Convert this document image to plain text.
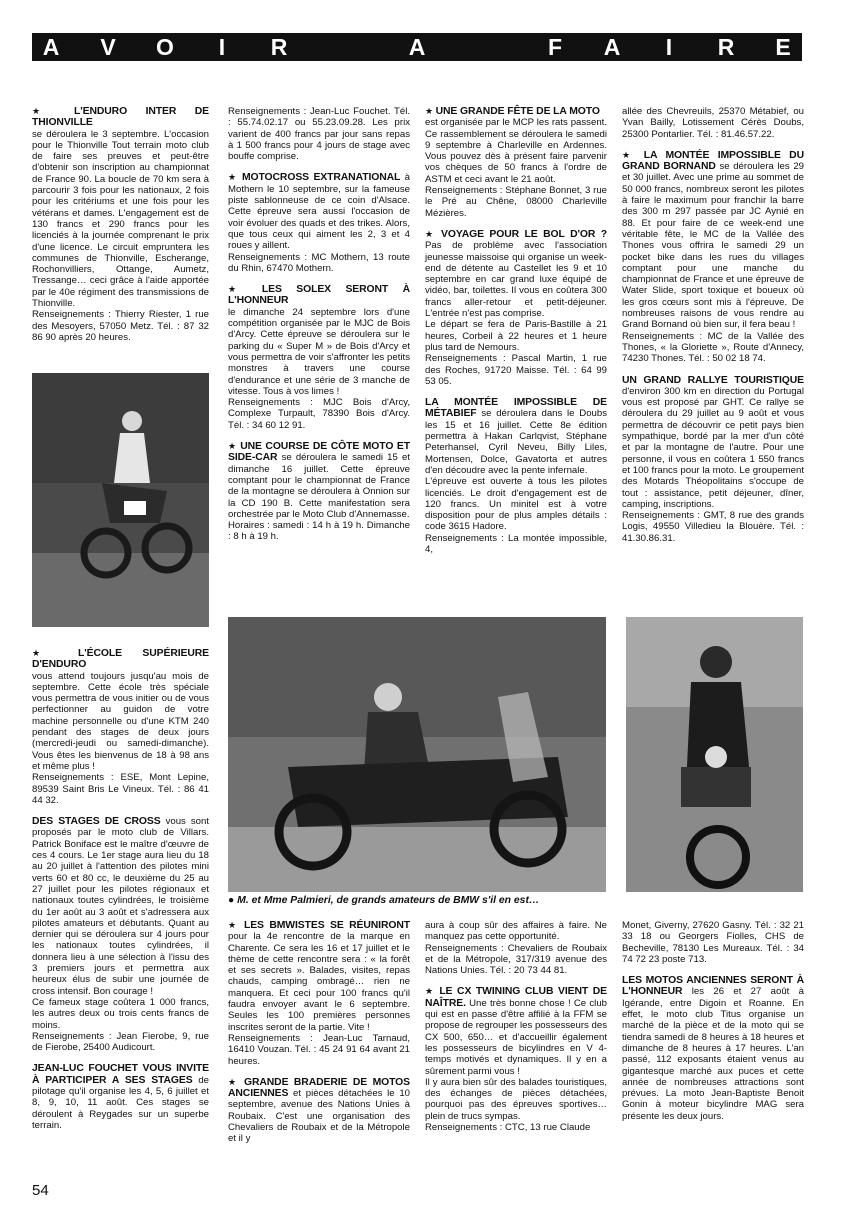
A V O	I	R	A	F A	I	R E

★ L'ENDURO INTER DE THIONVILLE
se déroulera le 3 septembre. L'occasion pour le Thionville Tout terrain moto club de faire ses preuves et peut-être d'obtenir son inscription au championnat de France 90. La boucle de 70 km sera à parcourir 3 fois pour les nationaux, 2 fois pour les critériums et une fois pour les vétérans et dames. L'engagement est de 130 francs et 290 francs pour les licenciés à la journée comprenant le prix d'une licence. Le circuit empruntera les communes de Thionville, Escherange, Rochonvilliers, Ottange, Aumetz, Tressange… ceci grâce à l'aide apportée par le 40e régiment des transmissions de Thionville.
Renseignements : Thierry Riester, 1 rue des Mesoyers, 57050 Metz. Tél. : 87 32 86 90 après 20 heures.

★ L'ÉCOLE SUPÉRIEURE D'ENDURO
vous attend toujours jusqu'au mois de septembre. Cette école très spéciale vous permettra de vous initier ou de vous perfectionner au guidon de votre machine personnelle ou d'une KTM 240 pendant des stages de deux jours (mercredi-jeudi ou samedi-dimanche). Vous êtes les bienvenus de 18 à 98 ans et même plus !
Renseignements : ESE, Mont Lepine, 89539 Saint Bris Le Vineux. Tél. : 86 41 44 32.

DES STAGES DE CROSS vous sont proposés par le moto club de Villars. Patrick Boniface est le maître d'œuvre de ces 4 cours. Le 1er stage aura lieu du 18 au 20 juillet à l'attention des pilotes mini verts 60 et 80 cc, le deuxième du 25 au 27 juillet pour les pilotes régionaux et nationaux toutes cylindrées, le troisième du 1er août au 3 août et s'adressera aux pilotes amateurs et débutants. Quant au dernier qui se déroulera sur 4 jours pour les nationaux toutes cylindrées, il donnera lieu à une sélection à l'issu des 3 premiers jours et permettra aux heureux élus de subir une journée de cross intensif. Bon courage !
Ce fameux stage coûtera 1 000 francs, les autres deux ou trois cents francs de moins.
Renseignements : Jean Fierobe, 9, rue de Fierobe, 25400 Audicourt.

JEAN-LUC FOUCHET VOUS INVITE À PARTICIPER A SES STAGES de pilotage qu'il organise les 4, 5, 6 juillet et 8, 9, 10, 11 août. Ces stages se déroulent à Reygades sur un superbe terrain.

Renseignements : Jean-Luc Fouchet. Tél. : 55.74.02.17 ou 55.23.09.28. Les prix varient de 400 francs par jour sans repas à 1 500 francs pour 4 jours de stage avec bouffe comprise.

★ MOTOCROSS EXTRANATIONAL à Mothern le 10 septembre, sur la fameuse piste sablonneuse de ce coin d'Alsace. Cette épreuve sera aussi l'occasion de voir évoluer des quads et des trikes. Alors, que tous ceux qui aiment les 2, 3 et 4 roues y aillent.
Renseignements : MC Mothern, 13 route du Rhin, 67470 Mothern.

★ LES SOLEX SERONT À L'HONNEUR
le dimanche 24 septembre lors d'une compétition organisée par le MJC de Bois d'Arcy. Cette épreuve se déroulera sur le parking du « Super M » de Bois d'Arcy et vous permettra de voir s'affronter les petits monstres à travers une course d'endurance et une série de 3 manche de vitesse. Tous à vos limes !
Renseignements : MJC Bois d'Arcy, Complexe Turpault, 78390 Bois d'Arcy. Tél. : 34 60 12 91.

★ UNE COURSE DE CÔTE MOTO ET SIDE-CAR se déroulera le samedi 15 et dimanche 16 juillet. Cette épreuve comptant pour le championnat de France de la montagne se déroulera à Onnion sur la CD 190 B. Cette manifestation sera orchestrée par le Moto Club d'Annemasse.
Horaires : samedi : 14 h à 19 h. Dimanche : 8 h à 19 h.

★ UNE GRANDE FÊTE DE LA MOTO
est organisée par le MCP les rats passent. Ce rassemblement se déroulera le samedi 9 septembre à Charleville en Ardennes. Vous pouvez dès à présent faire parvenir vos chèques de 50 francs à l'ordre de ASTM et ceci avant le 21 août.
Renseignements : Stéphane Bonnet, 3 rue le Pré au Chêne, 08000 Charleville Mézières.

★ VOYAGE POUR LE BOL D'OR ? Pas de problème avec l'association jeunesse maissoise qui organise un week-end de détente au Castellet les 9 et 10 septembre en car grand luxe équipé de vidéo, bar, toilettes. Il vous en coûtera 300 francs aller-retour et petit-déjeuner. L'entrée n'est pas comprise.
Le départ se fera de Paris-Bastille à 21 heures, Corbeil à 22 heures et 1 heure plus tard de Nemours.
Renseignements : Pascal Martin, 1 rue des Roches, 91720 Maisse. Tél. : 64 99 53 05.

LA MONTÉE IMPOSSIBLE DE MÉTABIEF se déroulera dans le Doubs les 15 et 16 juillet. Cette 8e édition permettra à Hakan Carlqvist, Stéphane Peterhansel, Cyril Neveu, Billy Liles, Mortensen, Dolce, Gavatorta et autres d'en découdre avec la pente infernale.
L'épreuve est ouverte à tous les pilotes licenciés. Le droit d'engagement est de 120 francs. Un minitel est à votre disposition pour de plus amples détails : code 3615 Hadore.
Renseignements : La montée impossible, 4,

allée des Chevreuils, 25370 Métabief, ou Yvan Bailly, Lotissement Cérès Doubs, 25300 Pontarlier. Tél. : 81.46.57.22.

★ LA MONTÉE IMPOSSIBLE DU GRAND BORNAND se déroulera les 29 et 30 juillet. Avec une prime au sommet de 50 000 francs, nombreux seront les pilotes à faire le maximum pour franchir la barre des 300 m 297 passée par JC Aynié en 88. Et pour faire de ce week-end une véritable fête, le MC de la Vallée des Thones vous offrira le samedi 29 un pocket bike dans les rues du villages comptant pour une manche du championnat de France et une épreuve de Water Slide, sport toxique et boueux où les gros cœurs sont mis à l'épreuve. De nombreuses raisons de vous rendre au Grand Bornand où bien sur, il fera beau !
Renseignements : MC de la Vallée des Thones, « la Gloriette », Route d'Annecy, 74230 Thones. Tél. : 50 02 18 74.

UN GRAND RALLYE TOURISTIQUE d'environ 300 km en direction du Portugal vous est proposé par GHT. Ce rallye se déroulera du 29 juillet au 9 août et vous permettra de découvrir ce petit pays bien sympathique, bordé par la mer d'un côté et par la montagne de l'autre. Pour une personne, il vous en coûtera 1 550 francs et 100 francs pour la moto. Le groupement des Motards Théopolitains s'occupe de tout : assistance, petit déjeuner, dîner, camping, inscriptions.
Renseignements : GMT, 8 rue des grands Logis, 49550 Villedieu la Blouère. Tél. : 41.30.86.31.

● M. et Mme Palmieri, de grands amateurs de BMW s'il en est…

★ LES BMWISTES SE RÉUNIRONT pour la 4e rencontre de la marque en Charente. Ce sera les 16 et 17 juillet et le thème de cette rencontre sera : « la forêt et ses secrets ». Balades, visites, repas chauds, camping ombragé… rien ne manquera. Et ceci pour 100 francs qu'il faudra envoyer avant le 6 septembre. Seules les 100 premières personnes inscrites seront de la partie. Vite !
Renseignements : Jean-Luc Tarnaud, 16410 Vouzan. Tél. : 45 24 91 64 avant 21 heures.

★ GRANDE BRADERIE DE MOTOS ANCIENNES et pièces détachées le 10 septembre, avenue des Nations Unies à Roubaix. C'est une organisation des Chevaliers de Roubaix et de la Métropole et il y

aura à coup sûr des affaires à faire. Ne manquez pas cette opportunité.
Renseignements : Chevaliers de Roubaix et de la Métropole, 317/319 avenue des Nations Unies. Tél. : 20 73 44 81.

★ LE CX TWINING CLUB VIENT DE NAÎTRE. Une très bonne chose ! Ce club qui est en passe d'être affilié à la FFM se propose de regrouper les possesseurs des CX 500, 650… et d'accueillir également les possesseurs de bicylindres en V 4-temps motivés et dynamiques. Il y en a sûrement parmi vous !
Il y aura bien sûr des balades touristiques, des échanges de pièces détachées, pourquoi pas des épreuves sportives… plein de trucs sympas.
Renseignements : CTC, 13 rue Claude

Monet, Giverny, 27620 Gasny. Tél. : 32 21 33 18 ou Georgers Fiolles, CHS de Becheville, 78130 Les Mureaux. Tél. : 34 74 72 23 poste 713.

LES MOTOS ANCIENNES SERONT À L'HONNEUR les 26 et 27 août à Igérande, entre Digoin et Roanne. En effet, le moto club Titus organise un marché de la pièce et de la moto qui se tiendra samedi de 8 heures à 18 heures et dimanche de 8 heures à 17 heures. L'an passé, 112 exposants étaient venus au gigantesque marché aux puces et cette année de nombreuses attractions sont prévues. La moto Jean-Baptiste Benoit Gonin à moteur bicylindre MAG sera présente les deux jours.

54
